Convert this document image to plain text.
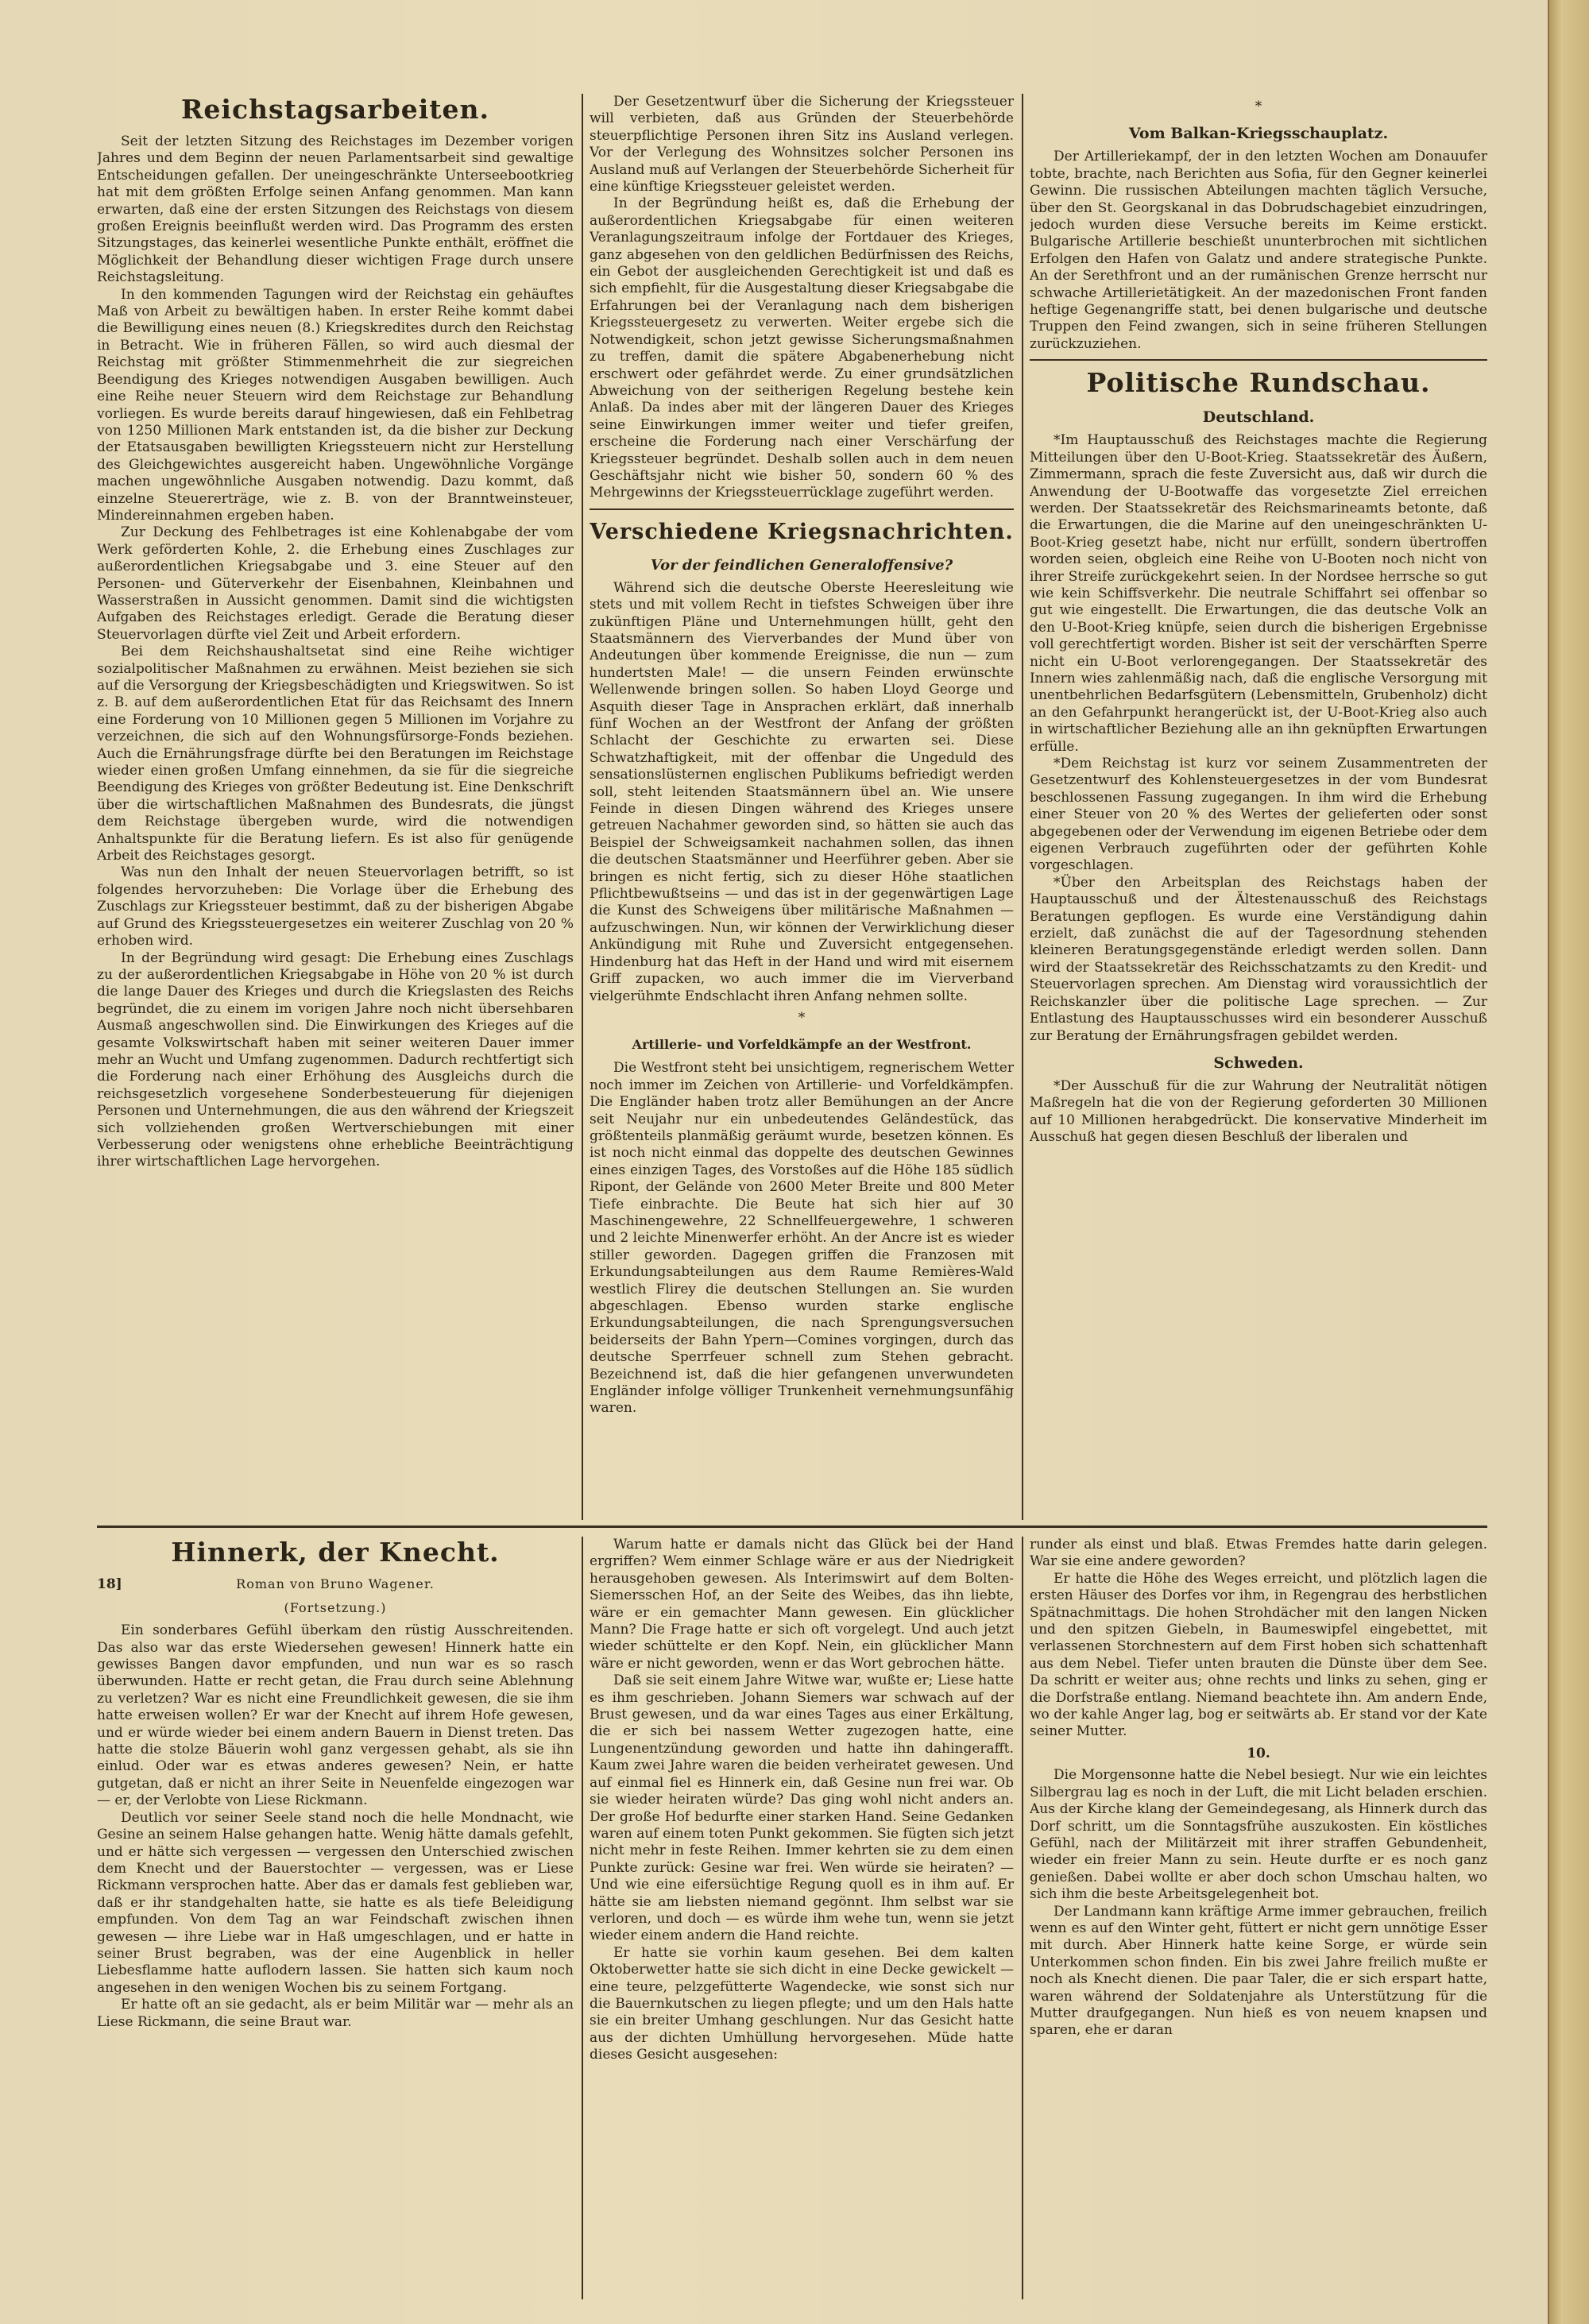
Reichstagsarbeiten.

Seit der letzten Sitzung des Reichstages im Dezember vorigen Jahres und dem Beginn der neuen Parlamentsarbeit sind gewaltige Entscheidungen gefallen. Der uneingeschränkte Unterseebootkrieg hat mit dem größten Erfolge seinen Anfang genommen. Man kann erwarten, daß eine der ersten Sitzungen des Reichstags von diesem großen Ereignis beeinflußt werden wird. Das Programm des ersten Sitzungstages, das keinerlei wesentliche Punkte enthält, eröffnet die Möglichkeit der Behandlung dieser wichtigen Frage durch unsere Reichstagsleitung.

In den kommenden Tagungen wird der Reichstag ein gehäuftes Maß von Arbeit zu bewältigen haben. In erster Reihe kommt dabei die Bewilligung eines neuen (8.) Kriegskredites durch den Reichstag in Betracht. Wie in früheren Fällen, so wird auch diesmal der Reichstag mit größter Stimmenmehrheit die zur siegreichen Beendigung des Krieges notwendigen Ausgaben bewilligen. Auch eine Reihe neuer Steuern wird dem Reichstage zur Behandlung vorliegen. Es wurde bereits darauf hingewiesen, daß ein Fehlbetrag von 1250 Millionen Mark entstanden ist, da die bisher zur Deckung der Etatsausgaben bewilligten Kriegssteuern nicht zur Herstellung des Gleichgewichtes ausgereicht haben. Ungewöhnliche Vorgänge machen ungewöhnliche Ausgaben notwendig. Dazu kommt, daß einzelne Steuererträge, wie z. B. von der Branntweinsteuer, Mindereinnahmen ergeben haben.

Zur Deckung des Fehlbetrages ist eine Kohlenabgabe der vom Werk geförderten Kohle, 2. die Erhebung eines Zuschlages zur außerordentlichen Kriegsabgabe und 3. eine Steuer auf den Personen- und Güterverkehr der Eisenbahnen, Kleinbahnen und Wasserstraßen in Aussicht genommen. Damit sind die wichtigsten Aufgaben des Reichstages erledigt. Gerade die Beratung dieser Steuervorlagen dürfte viel Zeit und Arbeit erfordern.

Bei dem Reichshaushaltsetat sind eine Reihe wichtiger sozialpolitischer Maßnahmen zu erwähnen. Meist beziehen sie sich auf die Versorgung der Kriegsbeschädigten und Kriegswitwen. So ist z. B. auf dem außerordentlichen Etat für das Reichsamt des Innern eine Forderung von 10 Millionen gegen 5 Millionen im Vorjahre zu verzeichnen, die sich auf den Wohnungsfürsorge-Fonds beziehen. Auch die Ernährungsfrage dürfte bei den Beratungen im Reichstage wieder einen großen Umfang einnehmen, da sie für die siegreiche Beendigung des Krieges von größter Bedeutung ist. Eine Denkschrift über die wirtschaftlichen Maßnahmen des Bundesrats, die jüngst dem Reichstage übergeben wurde, wird die notwendigen Anhaltspunkte für die Beratung liefern. Es ist also für genügende Arbeit des Reichstages gesorgt.

Was nun den Inhalt der neuen Steuervorlagen betrifft, so ist folgendes hervorzuheben: Die Vorlage über die Erhebung des Zuschlags zur Kriegssteuer bestimmt, daß zu der bisherigen Abgabe auf Grund des Kriegssteuergesetzes ein weiterer Zuschlag von 20 % erhoben wird.

In der Begründung wird gesagt: Die Erhebung eines Zuschlags zu der außerordentlichen Kriegsabgabe in Höhe von 20 % ist durch die lange Dauer des Krieges und durch die Kriegslasten des Reichs begründet, die zu einem im vorigen Jahre noch nicht übersehbaren Ausmaß angeschwollen sind. Die Einwirkungen des Krieges auf die gesamte Volkswirtschaft haben mit seiner weiteren Dauer immer mehr an Wucht und Umfang zugenommen. Dadurch rechtfertigt sich die Forderung nach einer Erhöhung des Ausgleichs durch die reichsgesetzlich vorgesehene Sonderbesteuerung für diejenigen Personen und Unternehmungen, die aus den während der Kriegszeit sich vollziehenden großen Wertverschiebungen mit einer Verbesserung oder wenigstens ohne erhebliche Beeinträchtigung ihrer wirtschaftlichen Lage hervorgehen.

Der Gesetzentwurf über die Sicherung der Kriegssteuer will verbieten, daß aus Gründen der Steuerbehörde steuerpflichtige Personen ihren Sitz ins Ausland verlegen. Vor der Verlegung des Wohnsitzes solcher Personen ins Ausland muß auf Verlangen der Steuerbehörde Sicherheit für eine künftige Kriegssteuer geleistet werden.

In der Begründung heißt es, daß die Erhebung der außerordentlichen Kriegsabgabe für einen weiteren Veranlagungszeitraum infolge der Fortdauer des Krieges, ganz abgesehen von den geldlichen Bedürfnissen des Reichs, ein Gebot der ausgleichenden Gerechtigkeit ist und daß es sich empfiehlt, für die Ausgestaltung dieser Kriegsabgabe die Erfahrungen bei der Veranlagung nach dem bisherigen Kriegssteuergesetz zu verwerten. Weiter ergebe sich die Notwendigkeit, schon jetzt gewisse Sicherungsmaßnahmen zu treffen, damit die spätere Abgabenerhebung nicht erschwert oder gefährdet werde. Zu einer grundsätzlichen Abweichung von der seitherigen Regelung bestehe kein Anlaß. Da indes aber mit der längeren Dauer des Krieges seine Einwirkungen immer weiter und tiefer greifen, erscheine die Forderung nach einer Verschärfung der Kriegssteuer begründet. Deshalb sollen auch in dem neuen Geschäftsjahr nicht wie bisher 50, sondern 60 % des Mehrgewinns der Kriegssteuerrücklage zugeführt werden.

Verschiedene Kriegsnachrichten.
Vor der feindlichen Generaloffensive?

Während sich die deutsche Oberste Heeresleitung wie stets und mit vollem Recht in tiefstes Schweigen über ihre zukünftigen Pläne und Unternehmungen hüllt, geht den Staatsmännern des Vierverbandes der Mund über von Andeutungen über kommende Ereignisse, die nun — zum hundertsten Male! — die unsern Feinden erwünschte Wellenwende bringen sollen. So haben Lloyd George und Asquith dieser Tage in Ansprachen erklärt, daß innerhalb fünf Wochen an der Westfront der Anfang der größten Schlacht der Geschichte zu erwarten sei. Diese Schwatzhaftigkeit, mit der offenbar die Ungeduld des sensationslüsternen englischen Publikums befriedigt werden soll, steht leitenden Staatsmännern übel an. Wie unsere Feinde in diesen Dingen während des Krieges unsere getreuen Nachahmer geworden sind, so hätten sie auch das Beispiel der Schweigsamkeit nachahmen sollen, das ihnen die deutschen Staatsmänner und Heerführer geben. Aber sie bringen es nicht fertig, sich zu dieser Höhe staatlichen Pflichtbewußtseins — und das ist in der gegenwärtigen Lage die Kunst des Schweigens über militärische Maßnahmen — aufzuschwingen. Nun, wir können der Verwirklichung dieser Ankündigung mit Ruhe und Zuversicht entgegensehen. Hindenburg hat das Heft in der Hand und wird mit eisernem Griff zupacken, wo auch immer die im Vierverband vielgerühmte Endschlacht ihren Anfang nehmen sollte.

*
Artillerie- und Vorfeldkämpfe an der Westfront.

Die Westfront steht bei unsichtigem, regnerischem Wetter noch immer im Zeichen von Artillerie- und Vorfeldkämpfen. Die Engländer haben trotz aller Bemühungen an der Ancre seit Neujahr nur ein unbedeutendes Geländestück, das größtenteils planmäßig geräumt wurde, besetzen können. Es ist noch nicht einmal das doppelte des deutschen Gewinnes eines einzigen Tages, des Vorstoßes auf die Höhe 185 südlich Ripont, der Gelände von 2600 Meter Breite und 800 Meter Tiefe einbrachte. Die Beute hat sich hier auf 30 Maschinengewehre, 22 Schnellfeuergewehre, 1 schweren und 2 leichte Minenwerfer erhöht. An der Ancre ist es wieder stiller geworden. Dagegen griffen die Franzosen mit Erkundungsabteilungen aus dem Raume Remières-Wald westlich Flirey die deutschen Stellungen an. Sie wurden abgeschlagen. Ebenso wurden starke englische Erkundungsabteilungen, die nach Sprengungsversuchen beiderseits der Bahn Ypern—Comines vorgingen, durch das deutsche Sperrfeuer schnell zum Stehen gebracht. Bezeichnend ist, daß die hier gefangenen unverwundeten Engländer infolge völliger Trunkenheit vernehmungsunfähig waren.

*
Vom Balkan-Kriegsschauplatz.

Der Artilleriekampf, der in den letzten Wochen am Donauufer tobte, brachte, nach Berichten aus Sofia, für den Gegner keinerlei Gewinn. Die russischen Abteilungen machten täglich Versuche, über den St. Georgskanal in das Dobrudschagebiet einzudringen, jedoch wurden diese Versuche bereits im Keime erstickt. Bulgarische Artillerie beschießt ununterbrochen mit sichtlichen Erfolgen den Hafen von Galatz und andere strategische Punkte. An der Serethfront und an der rumänischen Grenze herrscht nur schwache Artillerietätigkeit. An der mazedonischen Front fanden heftige Gegenangriffe statt, bei denen bulgarische und deutsche Truppen den Feind zwangen, sich in seine früheren Stellungen zurückzuziehen.

Politische Rundschau.
Deutschland.

*Im Hauptausschuß des Reichstages machte die Regierung Mitteilungen über den U-Boot-Krieg. Staatssekretär des Äußern, Zimmermann, sprach die feste Zuversicht aus, daß wir durch die Anwendung der U-Bootwaffe das vorgesetzte Ziel erreichen werden. Der Staatssekretär des Reichsmarineamts betonte, daß die Erwartungen, die die Marine auf den uneingeschränkten U-Boot-Krieg gesetzt habe, nicht nur erfüllt, sondern übertroffen worden seien, obgleich eine Reihe von U-Booten noch nicht von ihrer Streife zurückgekehrt seien. In der Nordsee herrsche so gut wie kein Schiffsverkehr. Die neutrale Schiffahrt sei offenbar so gut wie eingestellt. Die Erwartungen, die das deutsche Volk an den U-Boot-Krieg knüpfe, seien durch die bisherigen Ergebnisse voll gerechtfertigt worden. Bisher ist seit der verschärften Sperre nicht ein U-Boot verlorengegangen. Der Staatssekretär des Innern wies zahlenmäßig nach, daß die englische Versorgung mit unentbehrlichen Bedarfsgütern (Lebensmitteln, Grubenholz) dicht an den Gefahrpunkt herangerückt ist, der U-Boot-Krieg also auch in wirtschaftlicher Beziehung alle an ihn geknüpften Erwartungen erfülle.

*Dem Reichstag ist kurz vor seinem Zusammentreten der Gesetzentwurf des Kohlensteuergesetzes in der vom Bundesrat beschlossenen Fassung zugegangen. In ihm wird die Erhebung einer Steuer von 20 % des Wertes der gelieferten oder sonst abgegebenen oder der Verwendung im eigenen Betriebe oder dem eigenen Verbrauch zugeführten oder der geführten Kohle vorgeschlagen.

*Über den Arbeitsplan des Reichstags haben der Hauptausschuß und der Ältestenausschuß des Reichstags Beratungen gepflogen. Es wurde eine Verständigung dahin erzielt, daß zunächst die auf der Tagesordnung stehenden kleineren Beratungsgegenstände erledigt werden sollen. Dann wird der Staatssekretär des Reichsschatzamts zu den Kredit- und Steuervorlagen sprechen. Am Dienstag wird voraussichtlich der Reichskanzler über die politische Lage sprechen. — Zur Entlastung des Hauptausschusses wird ein besonderer Ausschuß zur Beratung der Ernährungsfragen gebildet werden.

Schweden.

*Der Ausschuß für die zur Wahrung der Neutralität nötigen Maßregeln hat die von der Regierung geforderten 30 Millionen auf 10 Millionen herabgedrückt. Die konservative Minderheit im Ausschuß hat gegen diesen Beschluß der liberalen und

Hinnerk, der Knecht.
18]	Roman von Bruno Wagener.
(Fortsetzung.)

Ein sonderbares Gefühl überkam den rüstig Ausschreitenden. Das also war das erste Wiedersehen gewesen! Hinnerk hatte ein gewisses Bangen davor empfunden, und nun war es so rasch überwunden. Hatte er recht getan, die Frau durch seine Ablehnung zu verletzen? War es nicht eine Freundlichkeit gewesen, die sie ihm hatte erweisen wollen? Er war der Knecht auf ihrem Hofe gewesen, und er würde wieder bei einem andern Bauern in Dienst treten. Das hatte die stolze Bäuerin wohl ganz vergessen gehabt, als sie ihn einlud. Oder war es etwas anderes gewesen? Nein, er hatte gutgetan, daß er nicht an ihrer Seite in Neuenfelde eingezogen war — er, der Verlobte von Liese Rickmann.

Deutlich vor seiner Seele stand noch die helle Mondnacht, wie Gesine an seinem Halse gehangen hatte. Wenig hätte damals gefehlt, und er hätte sich vergessen — vergessen den Unterschied zwischen dem Knecht und der Bauerstochter — vergessen, was er Liese Rickmann versprochen hatte. Aber das er damals fest geblieben war, daß er ihr standgehalten hatte, sie hatte es als tiefe Beleidigung empfunden. Von dem Tag an war Feindschaft zwischen ihnen gewesen — ihre Liebe war in Haß umgeschlagen, und er hatte in seiner Brust begraben, was der eine Augenblick in heller Liebesflamme hatte auflodern lassen. Sie hatten sich kaum noch angesehen in den wenigen Wochen bis zu seinem Fortgang.

Er hatte oft an sie gedacht, als er beim Militär war — mehr als an Liese Rickmann, die seine Braut war.

Warum hatte er damals nicht das Glück bei der Hand ergriffen? Wem einmer Schlage wäre er aus der Niedrigkeit herausgehoben gewesen. Als Interimswirt auf dem Bolten-Siemersschen Hof, an der Seite des Weibes, das ihn liebte, wäre er ein gemachter Mann gewesen. Ein glücklicher Mann? Die Frage hatte er sich oft vorgelegt. Und auch jetzt wieder schüttelte er den Kopf. Nein, ein glücklicher Mann wäre er nicht geworden, wenn er das Wort gebrochen hätte.

Daß sie seit einem Jahre Witwe war, wußte er; Liese hatte es ihm geschrieben. Johann Siemers war schwach auf der Brust gewesen, und da war eines Tages aus einer Erkältung, die er sich bei nassem Wetter zugezogen hatte, eine Lungenentzündung geworden und hatte ihn dahingerafft. Kaum zwei Jahre waren die beiden verheiratet gewesen. Und auf einmal fiel es Hinnerk ein, daß Gesine nun frei war. Ob sie wieder heiraten würde? Das ging wohl nicht anders an. Der große Hof bedurfte einer starken Hand. Seine Gedanken waren auf einem toten Punkt gekommen. Sie fügten sich jetzt nicht mehr in feste Reihen. Immer kehrten sie zu dem einen Punkte zurück: Gesine war frei. Wen würde sie heiraten? — Und wie eine eifersüchtige Regung quoll es in ihm auf. Er hätte sie am liebsten niemand gegönnt. Ihm selbst war sie verloren, und doch — es würde ihm wehe tun, wenn sie jetzt wieder einem andern die Hand reichte.

Er hatte sie vorhin kaum gesehen. Bei dem kalten Oktoberwetter hatte sie sich dicht in eine Decke gewickelt — eine teure, pelzgefütterte Wagendecke, wie sonst sich nur die Bauernkutschen zu liegen pflegte; und um den Hals hatte sie ein breiter Umhang geschlungen. Nur das Gesicht hatte aus der dichten Umhüllung hervorgesehen. Müde hatte dieses Gesicht ausgesehen:

runder als einst und blaß. Etwas Fremdes hatte darin gelegen. War sie eine andere geworden?

Er hatte die Höhe des Weges erreicht, und plötzlich lagen die ersten Häuser des Dorfes vor ihm, in Regengrau des herbstlichen Spätnachmittags. Die hohen Strohdächer mit den langen Nicken und den spitzen Giebeln, in Baumeswipfel eingebettet, mit verlassenen Storchnestern auf dem First hoben sich schattenhaft aus dem Nebel. Tiefer unten brauten die Dünste über dem See. Da schritt er weiter aus; ohne rechts und links zu sehen, ging er die Dorfstraße entlang. Niemand beachtete ihn. Am andern Ende, wo der kahle Anger lag, bog er seitwärts ab. Er stand vor der Kate seiner Mutter.

10.

Die Morgensonne hatte die Nebel besiegt. Nur wie ein leichtes Silbergrau lag es noch in der Luft, die mit Licht beladen erschien. Aus der Kirche klang der Gemeindegesang, als Hinnerk durch das Dorf schritt, um die Sonntagsfrühe auszukosten. Ein köstliches Gefühl, nach der Militärzeit mit ihrer straffen Gebundenheit, wieder ein freier Mann zu sein. Heute durfte er es noch ganz genießen. Dabei wollte er aber doch schon Umschau halten, wo sich ihm die beste Arbeitsgelegenheit bot.

Der Landmann kann kräftige Arme immer gebrauchen, freilich wenn es auf den Winter geht, füttert er nicht gern unnötige Esser mit durch. Aber Hinnerk hatte keine Sorge, er würde sein Unterkommen schon finden. Ein bis zwei Jahre freilich mußte er noch als Knecht dienen. Die paar Taler, die er sich erspart hatte, waren während der Soldatenjahre als Unterstützung für die Mutter draufgegangen. Nun hieß es von neuem knapsen und sparen, ehe er daran
